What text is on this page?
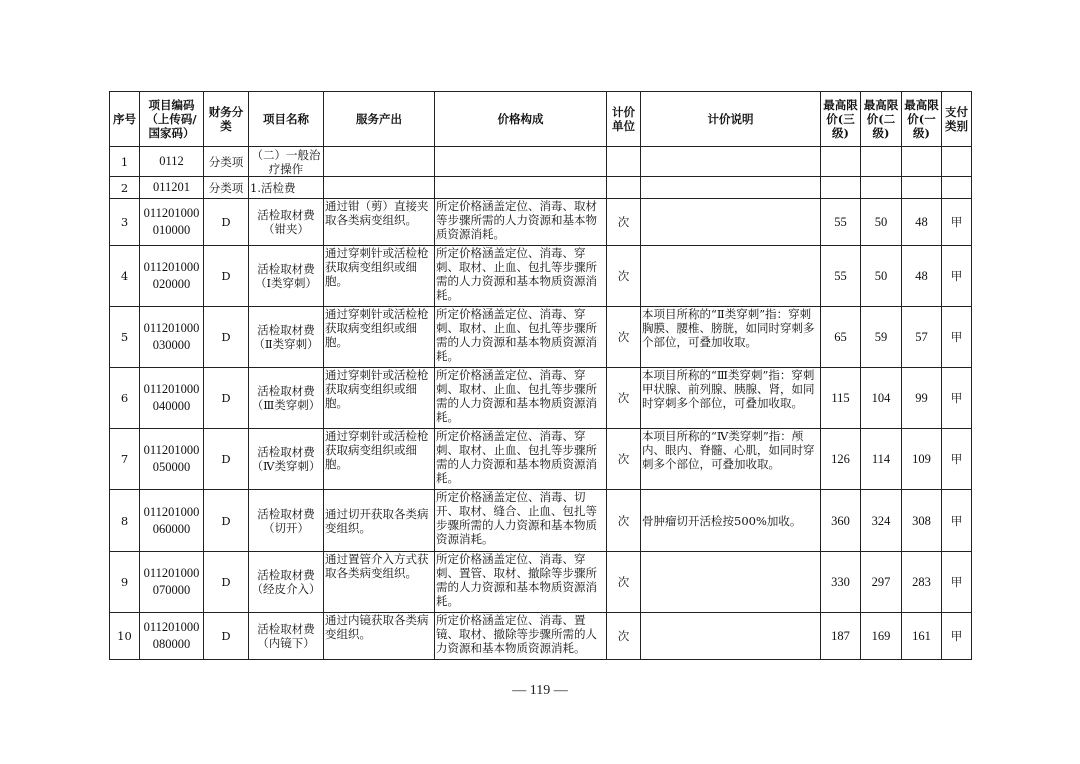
序号	项目编码（上传码/国家码）	财务分类	项目名称	服务产出	价格构成	计价单位	计价说明	最高限价(三级)	最高限价(二级)	最高限价(一级)	支付类别
1	0112	分类项	（二）一般治疗操作								
2	011201	分类项	1.活检费								
3	011201000010000	D	活检取材费（钳夹）	通过钳（剪）直接夹取各类病变组织。	所定价格涵盖定位、消毒、取材等步骤所需的人力资源和基本物质资源消耗。	次		55	50	48	甲
4	011201000020000	D	活检取材费（Ⅰ类穿刺）	通过穿刺针或活检枪获取病变组织或细胞。	所定价格涵盖定位、消毒、穿刺、取材、止血、包扎等步骤所需的人力资源和基本物质资源消耗。	次		55	50	48	甲
5	011201000030000	D	活检取材费（Ⅱ类穿刺）	通过穿刺针或活检枪获取病变组织或细胞。	所定价格涵盖定位、消毒、穿刺、取材、止血、包扎等步骤所需的人力资源和基本物质资源消耗。	次	本项目所称的“Ⅱ类穿刺”指：穿刺胸膜、腰椎、膀胱，如同时穿刺多个部位，可叠加收取。	65	59	57	甲
6	011201000040000	D	活检取材费（Ⅲ类穿刺）	通过穿刺针或活检枪获取病变组织或细胞。	所定价格涵盖定位、消毒、穿刺、取材、止血、包扎等步骤所需的人力资源和基本物质资源消耗。	次	本项目所称的“Ⅲ类穿刺”指：穿刺甲状腺、前列腺、胰腺、肾，如同时穿刺多个部位，可叠加收取。	115	104	99	甲
7	011201000050000	D	活检取材费（Ⅳ类穿刺）	通过穿刺针或活检枪获取病变组织或细胞。	所定价格涵盖定位、消毒、穿刺、取材、止血、包扎等步骤所需的人力资源和基本物质资源消耗。	次	本项目所称的“Ⅳ类穿刺”指：颅内、眼内、脊髓、心肌，如同时穿刺多个部位，可叠加收取。	126	114	109	甲
8	011201000060000	D	活检取材费（切开）	通过切开获取各类病变组织。	所定价格涵盖定位、消毒、切开、取材、缝合、止血、包扎等步骤所需的人力资源和基本物质资源消耗。	次	骨肿瘤切开活检按500%加收。	360	324	308	甲
9	011201000070000	D	活检取材费（经皮介入）	通过置管介入方式获取各类病变组织。	所定价格涵盖定位、消毒、穿刺、置管、取材、撤除等步骤所需的人力资源和基本物质资源消耗。	次		330	297	283	甲
10	011201000080000	D	活检取材费（内镜下）	通过内镜获取各类病变组织。	所定价格涵盖定位、消毒、置镜、取材、撤除等步骤所需的人力资源和基本物质资源消耗。	次		187	169	161	甲
— 119 —
